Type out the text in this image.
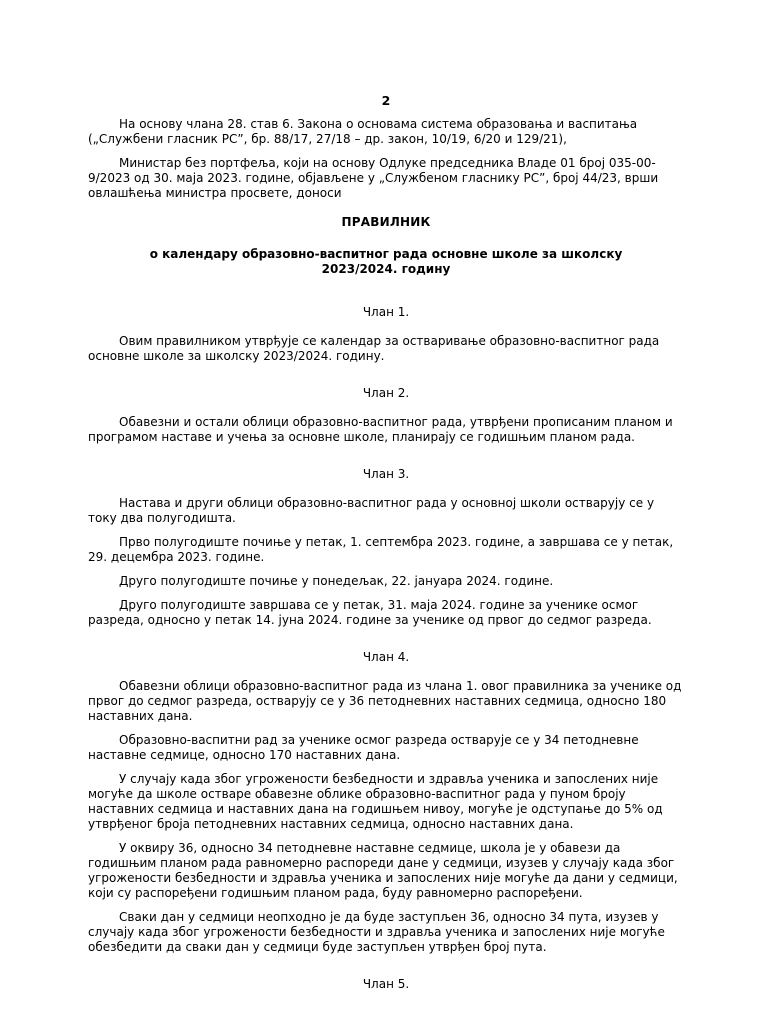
2

На основу члана 28. став 6. Закона о основама система образовања и васпитања („Службени гласник РС”, бр. 88/17, 27/18 – др. закон, 10/19, 6/20 и 129/21),

Министар без портфеља, који на основу Одлуке председника Владе 01 број 035-00-9/2023 од 30. маја 2023. године, објављене у „Службеном гласнику РС”, број 44/23, врши овлашћења министра просвете, доноси

ПРАВИЛНИК
о календару образовно-васпитног рада основне школе за школску 2023/2024. годину
Члан 1.

Овим правилником утврђује се календар за остваривање образовно-васпитног рада основне школе за школску 2023/2024. годину.

Члан 2.

Обавезни и остали облици образовно-васпитног рада, утврђени прописаним планом и програмом наставе и учења за основне школе, планирају се годишњим планом рада.

Члан 3.

Настава и други облици образовно-васпитног рада у основној школи остварују се у току два полугодишта.

Прво полугодиште почиње у петак, 1. септембра 2023. године, а завршава се у петак, 29. децембра 2023. године.

Друго полугодиште почиње у понедељак, 22. јануара 2024. године.

Друго полугодиште завршава се у петак, 31. маја 2024. године за ученике осмог разреда, односно у петак 14. јуна 2024. године за ученике од првог до седмог разреда.

Члан 4.

Обавезни облици образовно-васпитног рада из члана 1. овог правилника за ученике од првог до седмог разреда, остварују се у 36 петодневних наставних седмица, односно 180 наставних дана.

Образовно-васпитни рад за ученике осмог разреда остварује се у 34 петодневне наставне седмице, односно 170 наставних дана.

У случају када због угрожености безбедности и здравља ученика и запослених није могуће да школе остваре обавезне облике образовно-васпитног рада у пуном броју наставних седмица и наставних дана на годишњем нивоу, могуће је одступање до 5% од утврђеног броја петодневних наставних седмица, односно наставних дана.

У оквиру 36, односно 34 петодневне наставне седмице, школа је у обавези да годишњим планом рада равномерно распореди дане у седмици, изузев у случају када због угрожености безбедности и здравља ученика и запослених није могуће да дани у седмици, који су распоређени годишњим планом рада, буду равномерно распоређени.

Сваки дан у седмици неопходно је да буде заступљен 36, односно 34 пута, изузев у случају када због угрожености безбедности и здравља ученика и запослених није могуће обезбедити да сваки дан у седмици буде заступљен утврђен број пута.

Члан 5.
